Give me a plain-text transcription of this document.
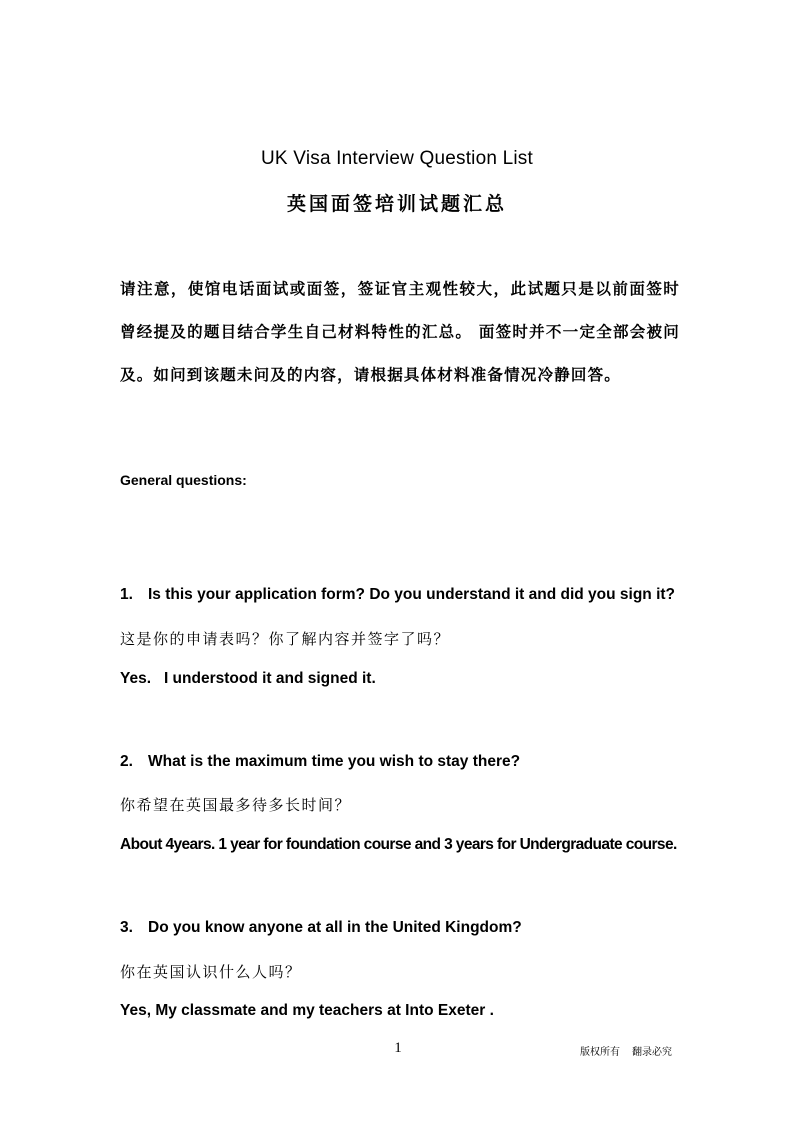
UK Visa Interview Question List
英国面签培训试题汇总

请注意，使馆电话面试或面签，签证官主观性较大，此试题只是以前面签时曾经提及的题目结合学生自己材料特性的汇总。 面签时并不一定全部会被问及。如问到该题未问及的内容，请根据具体材料准备情况冷静回答。

General questions:

1. Is this your application form? Do you understand it and did you sign it?

这是你的申请表吗？你了解内容并签字了吗？

Yes.   I understood it and signed it.

2. What is the maximum time you wish to stay there?

你希望在英国最多待多长时间？

About 4years. 1 year for foundation course and 3 years for Undergraduate course.

3. Do you know anyone at all in the United Kingdom?

你在英国认识什么人吗？

Yes, My classmate and my teachers at Into Exeter .

1	版权所有 翻录必究
